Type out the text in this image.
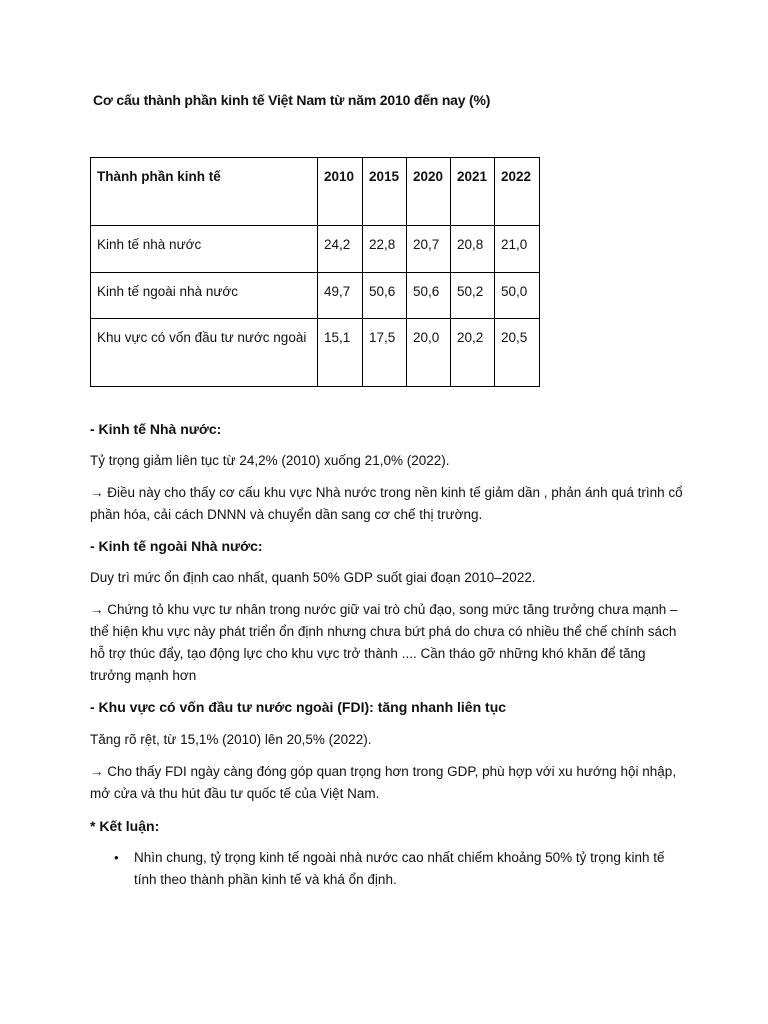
Cơ cấu thành phần kinh tế Việt Nam từ năm 2010 đến nay (%)
Thành phần kinh tế	2010	2015	2020	2021	2022
Kinh tế nhà nước	24,2	22,8	20,7	20,8	21,0
Kinh tế ngoài nhà nước	49,7	50,6	50,6	50,2	50,0
Khu vực có vốn đầu tư nước ngoài	15,1	17,5	20,0	20,2	20,5

- Kinh tế Nhà nước:

Tỷ trọng giảm liên tục từ 24,2% (2010) xuống 21,0% (2022).

→ Điều này cho thấy cơ cấu khu vực Nhà nước trong nền kinh tế giảm dần , phản ánh quá trình cổ phần hóa, cải cách DNNN và chuyển dần sang cơ chế thị trường.

- Kinh tế ngoài Nhà nước:

Duy trì mức ổn định cao nhất, quanh 50% GDP suốt giai đoạn 2010–2022.

→ Chứng tỏ khu vực tư nhân trong nước giữ vai trò chủ đạo, song mức tăng trưởng chưa mạnh – thể hiện khu vực này phát triển ổn định nhưng chưa bứt phá do chưa có nhiều thể chế chính sách hỗ trợ thúc đẩy, tạo động lực cho khu vực trở thành .... Cần tháo gỡ những khó khăn để tăng trưởng mạnh hơn

- Khu vực có vốn đầu tư nước ngoài (FDI): tăng nhanh liên tục

Tăng rõ rệt, từ 15,1% (2010) lên 20,5% (2022).

→ Cho thấy FDI ngày càng đóng góp quan trọng hơn trong GDP, phù hợp với xu hướng hội nhập, mở cửa và thu hút đầu tư quốc tế của Việt Nam.

* Kết luận:

• Nhìn chung, tỷ trọng kinh tế ngoài nhà nước cao nhất chiếm khoảng 50% tỷ trọng kinh tế tính theo thành phần kinh tế và khá ổn định.
